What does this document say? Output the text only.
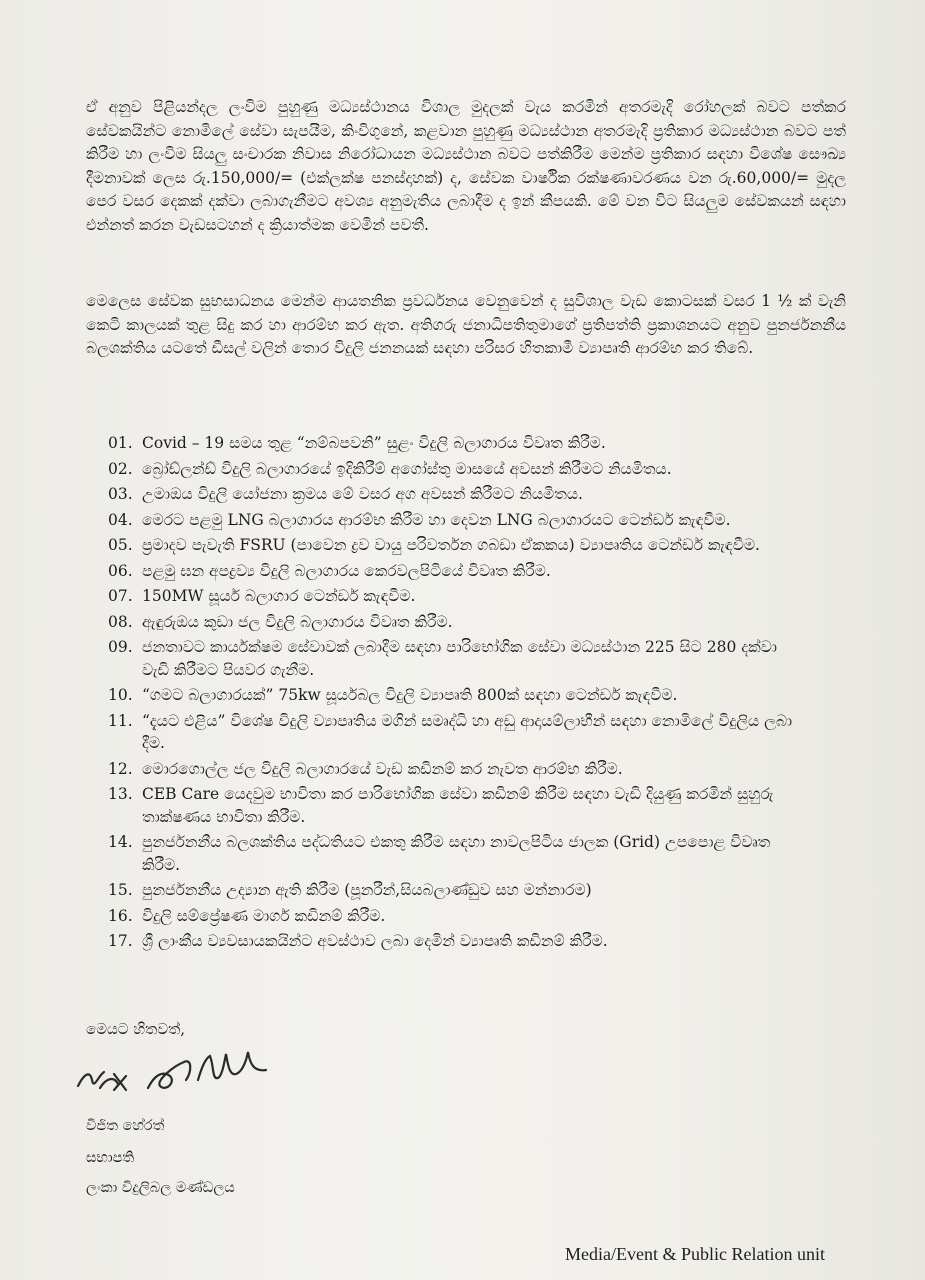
ඒ අනුව පිළියන්දල ලංවිම පුහුණු මධ්‍යස්ථානය විශාල මුදලක් වැය කරමින් අතරමැදි රෝහලක් බවට පත්කර සේවකයින්ට නොමිලේ සේවා සැපයීම, කිංවිගුනේ, කළවාන පුහුණු මධ්‍යස්ථාන අතරමැදි ප්‍රතිකාර මධ්‍යස්ථාන බවට පත් කිරීම හා ලංවිම සියලු සංචාරක නිවාස නිරෝධායන මධ්‍යස්ථාන බවට පත්කිරීම මෙන්ම ප්‍රතිකාර සඳහා විශේෂ සෞඛ්‍ය දීමනාවක් ලෙස රු.150,000/= (එක්ලක්ෂ පනස්දාහක්) ද, සේවක වාර්ෂික රක්ෂණාවරණය වන රු.60,000/= මුදල පෙර වසර දෙකක් දක්වා ලබාගැනීමට අවශ්‍ය අනුමැතිය ලබාදීම ද ඉන් කීපයකි. මේ වන විට සියලුම සේවකයන් සඳහා එන්නත් කරන වැඩසටහන් ද ක්‍රියාත්මක වෙමින් පවතී.

මෙලෙස සේවක සුභසාධනය මෙන්ම ආයතනික ප්‍රවර්ධනය වෙනුවෙන් ද සුවිශාල වැඩ කොටසක් වසර 1 ½ ක් වැනි කෙටි කාලයක් තුළ සිදු කර හා ආරම්භ කර ඇත. අතිගරු ජනාධිපතිතුමාගේ ප්‍රතිපත්ති ප්‍රකාශනයට අනුව පුනර්ජනනීය බලශක්තිය යටතේ ඩීසල් වලින් තොර විදුලි ජනනයක් සඳහා පරිසර හිතකාමී ව්‍යාපෘති ආරම්භ කර තිබේ.

01. Covid – 19 සමය තුළ “නම්බපවනි” සුළං විදුලි බලාගාරය විවෘත කිරීම.
02. බ්‍රෝඩ්ලන්ඩ් විදුලි බලාගාරයේ ඉදිකිරීම් අගෝස්තු මාසයේ අවසන් කිරීමට නියමිතය.
03. උමාඔය විදුලි යෝජනා ක්‍රමය මේ වසර අග අවසන් කිරීමට නියමිතය.
04. මෙරට පළමු LNG බලාගාරය ආරම්භ කිරීම හා දෙවන LNG බලාගාරයට ටෙන්ඩර් කැඳවීම.
05. ප්‍රමාදව පැවැති FSRU (පාවෙන ද්‍රව වායු පරිවර්තන ගබඩා ඒකකය) ව්‍යාපෘතිය ටෙන්ඩර් කැඳවීම.
06. පළමු ඝන අපද්‍රව්‍ය විදුලි බලාගාරය කෙරවලපිටියේ විවෘත කිරීම.
07. 150MW සූර්ය බලාගාර ටෙන්ඩර් කැඳවීම.
08. ඇඳුරුඔය කුඩා ජල විදුලි බලාගාරය විවෘත කිරීම.
09. ජනතාවට කාර්යක්ෂම සේවාවක් ලබාදීම සඳහා පාරිභෝගික සේවා මධ්‍යස්ථාන 225 සිට 280 දක්වා වැඩි කිරීමට පියවර ගැනීම.
10. “ගමට බලාගාරයක්” 75kw සූර්යබල විදුලි ව්‍යාපෘති 800ක් සඳහා ටෙන්ඩර් කැඳවීම.
11. “දැයට එළිය” විශේෂ විදුලි ව්‍යාපෘතිය මගින් සමෘද්ධි හා අඩු ආදායම්ලාභීන් සඳහා නොමිලේ විදුලිය ලබා දීම.
12. මොරගොල්ල ජල විදුලි බලාගාරයේ වැඩ කඩිනම් කර නැවත ආරම්භ කිරීම.
13. CEB Care යෙදවුම භාවිතා කර පාරිභෝගික සේවා කඩිනම් කිරීම සඳහා වැඩි දියුණු කරමින් සුහුරු තාක්ෂණය භාවිතා කිරීම.
14. පුනර්ජනනීය බලශක්තිය පද්ධතියට එකතු කිරීම සඳහා නාවලපිටිය ජාලක (Grid) උපපොළ විවෘත කිරීම.
15. පුනර්ජනනීය උද්‍යාන ඇති කිරීම (පූනරීන්,සියබලාණ්ඩුව සහ මන්නාරම)
16. විදුලි සම්ප්‍රේෂණ මාර්ග කඩිනම් කිරීම.
17. ශ්‍රී ලාංකීය ව්‍යවසායකයින්ට අවස්ථාව ලබා දෙමින් ව්‍යාපෘති කඩිනම් කිරීම.
මෙයට හිතවත්,
විජිත හේරත්
සභාපති
ලංකා විදුලිබල මණ්ඩලය
Media/Event & Public Relation unit
